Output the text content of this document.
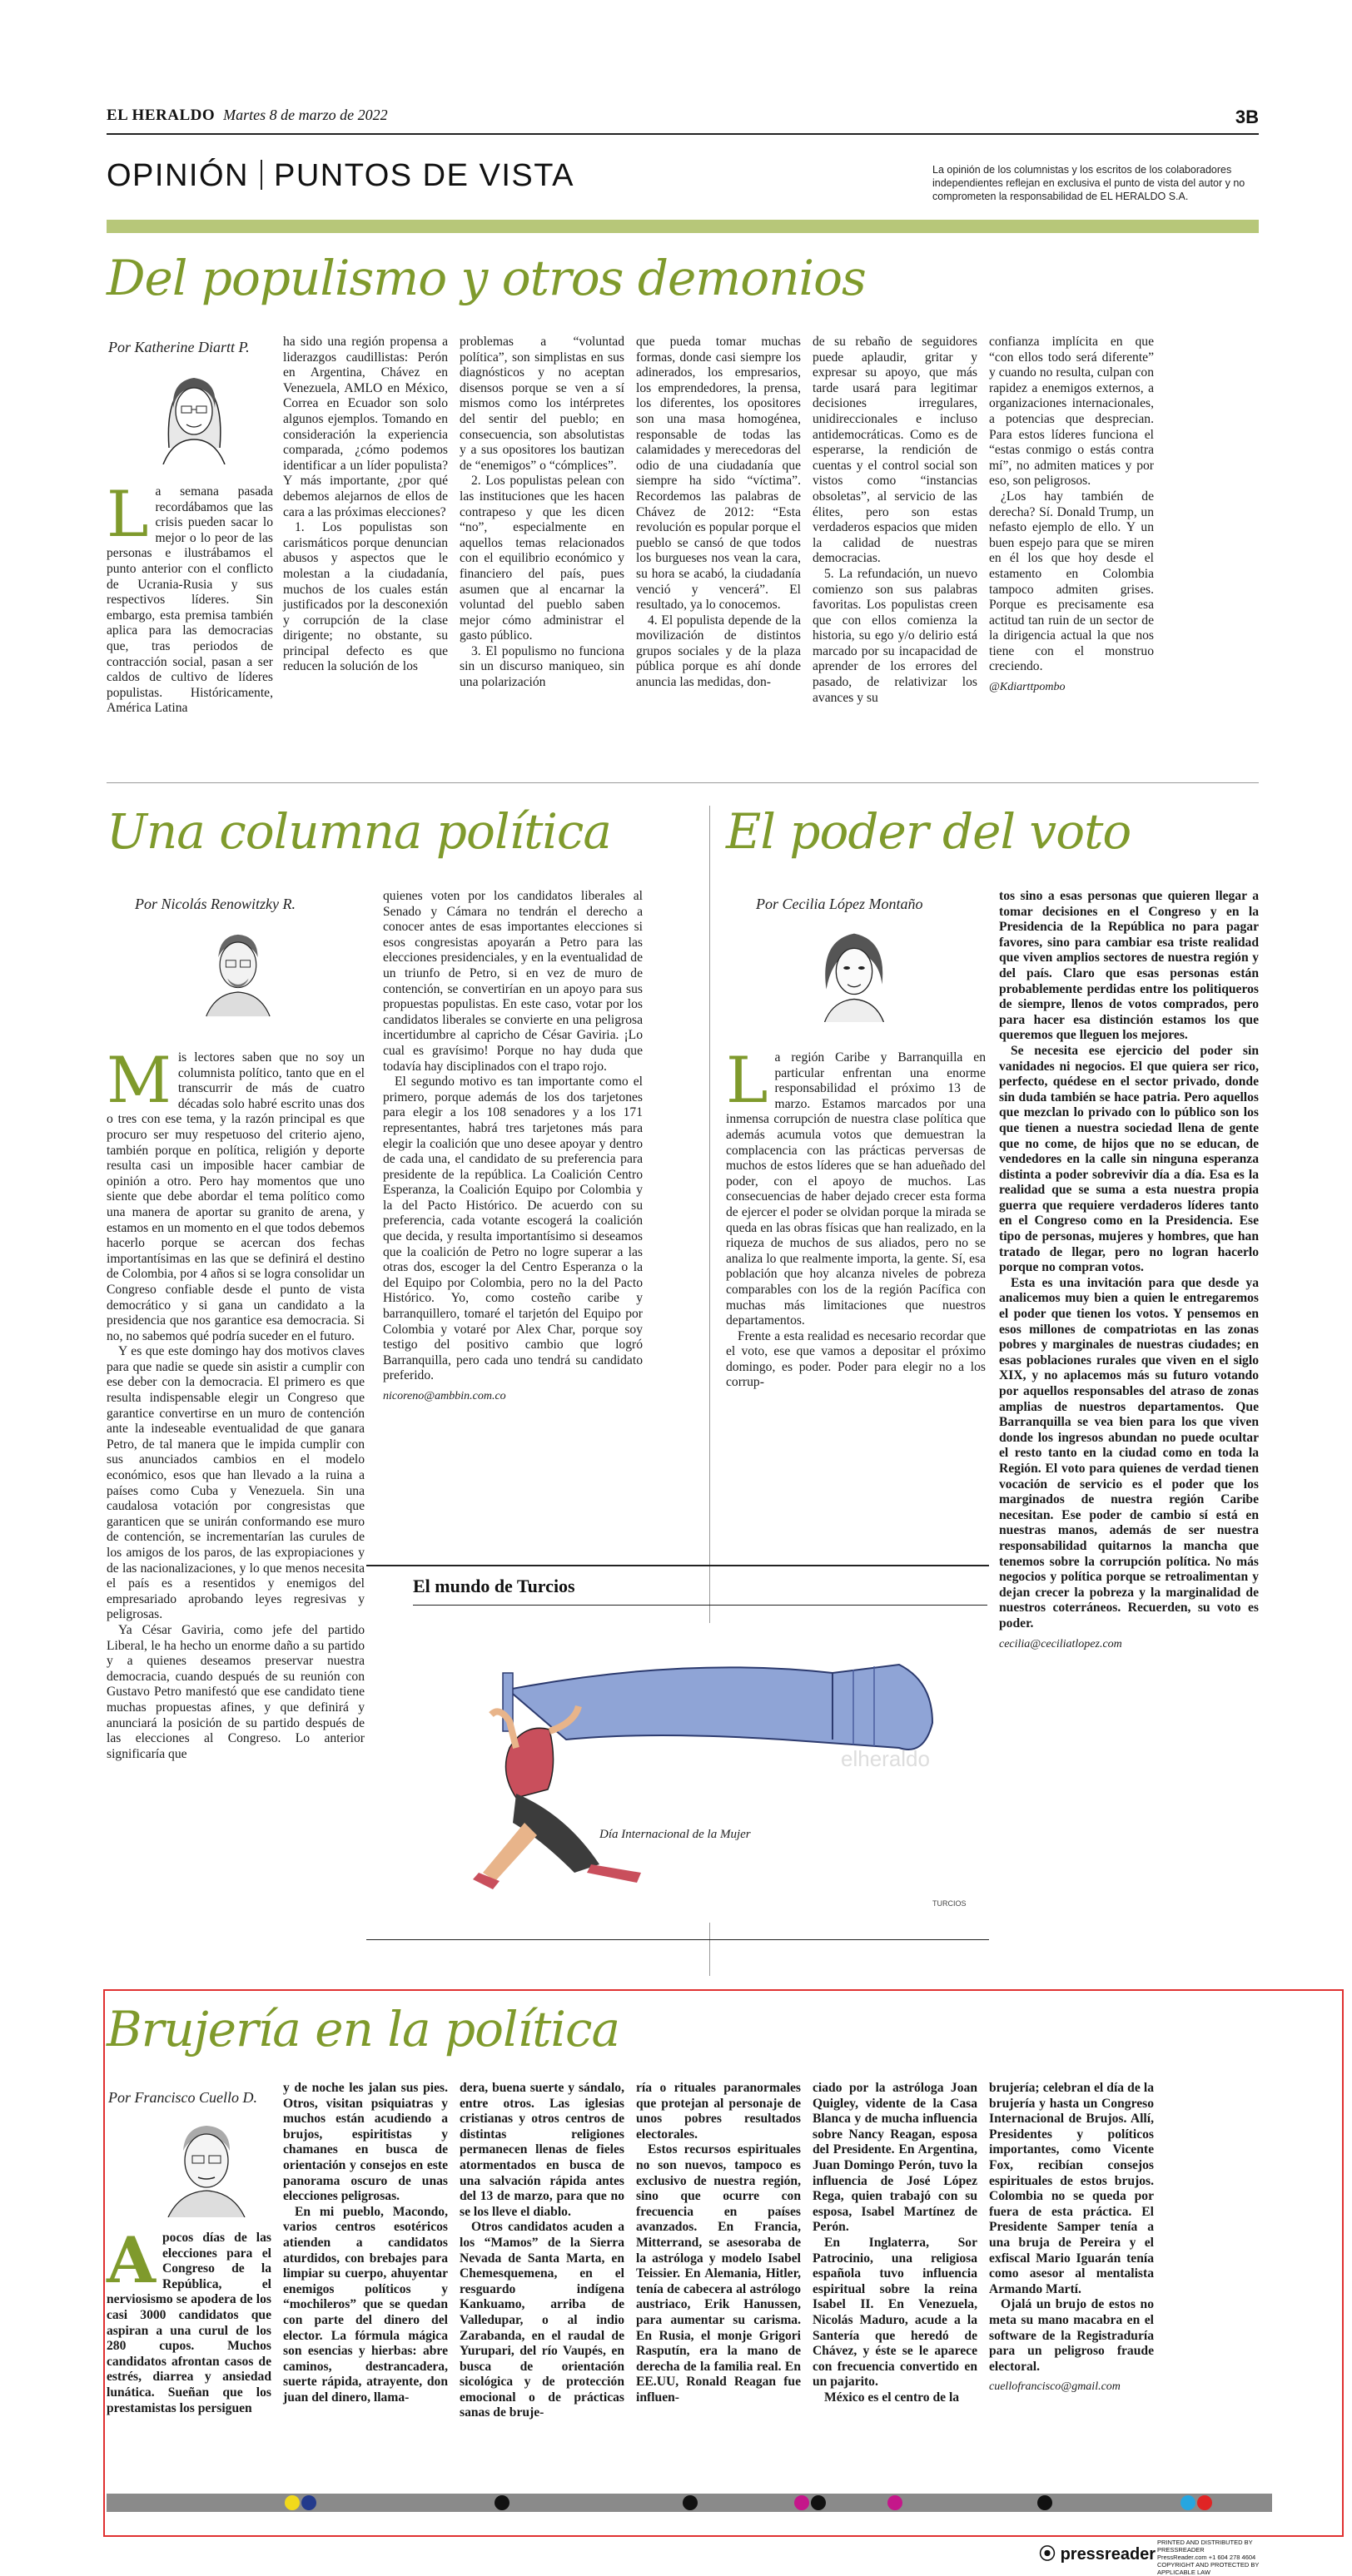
EL HERALDO Martes 8 de marzo de 2022	3B
OPINIÓN PUNTOS DE VISTA	La opinión de los columnistas y los escritos de los colaboradores independientes reflejan en exclusiva el punto de vista del autor y no comprometen la responsabilidad de EL HERALDO S.A.
Del populismo y otros demonios
Por Katherine Diartt P.
L a semana pasada recordábamos que las crisis pueden sacar lo mejor o lo peor de las personas e ilustrábamos el punto anterior con el conflicto de Ucrania-Rusia y sus respectivos líderes. Sin embargo, esta premisa también aplica para las democracias que, tras periodos de contracción social, pasan a ser caldos de cultivo de líderes populistas. Históricamente, América Latina

ha sido una región propensa a liderazgos caudillistas: Perón en Argentina, Chávez en Venezuela, AMLO en México, Correa en Ecuador son solo algunos ejemplos. Tomando en consideración la experiencia comparada, ¿cómo podemos identificar a un líder populista? Y más importante, ¿por qué debemos alejarnos de ellos de cara a las próximas elecciones?

1. Los populistas son carismáticos porque denuncian abusos y aspectos que le molestan a la ciudadanía, muchos de los cuales están justificados por la desconexión y corrupción de la clase dirigente; no obstante, su principal defecto es que reducen la solución de los

problemas a “voluntad política”, son simplistas en sus diagnósticos y no aceptan disensos porque se ven a sí mismos como los intérpretes del sentir del pueblo; en consecuencia, son absolutistas y a sus opositores los bautizan de “enemigos” o “cómplices”.

2. Los populistas pelean con las instituciones que les hacen contrapeso y que les dicen “no”, especialmente en aquellos temas relacionados con el equilibrio económico y financiero del país, pues asumen que al encarnar la voluntad del pueblo saben mejor cómo administrar el gasto público.

3. El populismo no funciona sin un discurso maniqueo, sin una polarización

que pueda tomar muchas formas, donde casi siempre los adinerados, los empresarios, los emprendedores, la prensa, los diferentes, los opositores son una masa homogénea, responsable de todas las calamidades y merecedoras del odio de una ciudadanía que siempre ha sido “víctima”. Recordemos las palabras de Chávez de 2012: “Esta revolución es popular porque el pueblo se cansó de que todos los burgueses nos vean la cara, su hora se acabó, la ciudadanía venció y vencerá”. El resultado, ya lo conocemos.

4. El populista depende de la movilización de distintos grupos sociales y de la plaza pública porque es ahí donde anuncia las medidas, don-

de su rebaño de seguidores puede aplaudir, gritar y expresar su apoyo, que más tarde usará para legitimar decisiones irregulares, unidireccionales e incluso antidemocráticas. Como es de esperarse, la rendición de cuentas y el control social son vistos como “instancias obsoletas”, al servicio de las élites, pero son estas verdaderos espacios que miden la calidad de nuestras democracias.

5. La refundación, un nuevo comienzo son sus palabras favoritas. Los populistas creen que con ellos comienza la historia, su ego y/o delirio está marcado por su incapacidad de aprender de los errores del pasado, de relativizar los avances y su

confianza implícita en que “con ellos todo será diferente” y cuando no resulta, culpan con rapidez a enemigos externos, a organizaciones internacionales, a potencias que desprecian. Para estos líderes funciona el “estas conmigo o estás contra mí”, no admiten matices y por eso, son peligrosos.

¿Los hay también de derecha? Sí. Donald Trump, un nefasto ejemplo de ello. Y un buen espejo para que se miren en él los que hoy desde el estamento en Colombia tampoco admiten grises. Porque es precisamente esa actitud tan ruin de un sector de la dirigencia actual la que nos tiene con el monstruo creciendo.

@Kdiarttpombo
Una columna política
Por Nicolás Renowitzky R.
M is lectores saben que no soy un columnista político, tanto que en el transcurrir de más de cuatro décadas solo habré escrito unas dos o tres con ese tema, y la razón principal es que procuro ser muy respetuoso del criterio ajeno, también porque en política, religión y deporte resulta casi un imposible hacer cambiar de opinión a otro. Pero hay momentos que uno siente que debe abordar el tema político como una manera de aportar su granito de arena, y estamos en un momento en el que todos debemos hacerlo porque se acercan dos fechas importantísimas en las que se definirá el destino de Colombia, por 4 años si se logra consolidar un Congreso confiable desde el punto de vista democrático y si gana un candidato a la presidencia que nos garantice esa democracia. Si no, no sabemos qué podría suceder en el futuro.

Y es que este domingo hay dos motivos claves para que nadie se quede sin asistir a cumplir con ese deber con la democracia. El primero es que resulta indispensable elegir un Congreso que garantice convertirse en un muro de contención ante la indeseable eventualidad de que ganara Petro, de tal manera que le impida cumplir con sus anunciados cambios en el modelo económico, esos que han llevado a la ruina a países como Cuba y Venezuela. Sin una caudalosa votación por congresistas que garanticen que se unirán conformando ese muro de contención, se incrementarían las curules de los amigos de los paros, de las expropiaciones y de las nacionalizaciones, y lo que menos necesita el país es a resentidos y enemigos del empresariado aprobando leyes regresivas y peligrosas.

Ya César Gaviria, como jefe del partido Liberal, le ha hecho un enorme daño a su partido y a quienes deseamos preservar nuestra democracia, cuando después de su reunión con Gustavo Petro manifestó que ese candidato tiene muchas propuestas afines, y que definirá y anunciará la posición de su partido después de las elecciones al Congreso. Lo anterior significaría que

quienes voten por los candidatos liberales al Senado y Cámara no tendrán el derecho a conocer antes de esas importantes elecciones si esos congresistas apoyarán a Petro para las elecciones presidenciales, y en la eventualidad de un triunfo de Petro, si en vez de muro de contención, se convertirían en un apoyo para sus propuestas populistas. En este caso, votar por los candidatos liberales se convierte en una peligrosa incertidumbre al capricho de César Gaviria. ¡Lo cual es gravísimo! Porque no hay duda que todavía hay disciplinados con el trapo rojo.

El segundo motivo es tan importante como el primero, porque además de los dos tarjetones para elegir a los 108 senadores y a los 171 representantes, habrá tres tarjetones más para elegir la coalición que uno desee apoyar y dentro de cada una, el candidato de su preferencia para presidente de la república. La Coalición Centro Esperanza, la Coalición Equipo por Colombia y la del Pacto Histórico. De acuerdo con su preferencia, cada votante escogerá la coalición que decida, y resulta importantísimo si deseamos que la coalición de Petro no logre superar a las otras dos, escoger la del Centro Esperanza o la del Equipo por Colombia, pero no la del Pacto Histórico. Yo, como costeño caribe y barranquillero, tomaré el tarjetón del Equipo por Colombia y votaré por Alex Char, porque soy testigo del positivo cambio que logró Barranquilla, pero cada uno tendrá su candidato preferido.

nicoreno@ambbin.com.co
El poder del voto
Por Cecilia López Montaño
L a región Caribe y Barranquilla en particular enfrentan una enorme responsabilidad el próximo 13 de marzo. Estamos marcados por una inmensa corrupción de nuestra clase política que además acumula votos que demuestran la complacencia con las prácticas perversas de muchos de estos líderes que se han adueñado del poder, con el apoyo de muchos. Las consecuencias de haber dejado crecer esta forma de ejercer el poder se olvidan porque la mirada se queda en las obras físicas que han realizado, en la riqueza de muchos de sus aliados, pero no se analiza lo que realmente importa, la gente. Sí, esa población que hoy alcanza niveles de pobreza comparables con los de la región Pacífica con muchas más limitaciones que nuestros departamentos.

Frente a esta realidad es necesario recordar que el voto, ese que vamos a depositar el próximo domingo, es poder. Poder para elegir no a los corrup-

tos sino a esas personas que quieren llegar a tomar decisiones en el Congreso y en la Presidencia de la República no para pagar favores, sino para cambiar esa triste realidad que viven amplios sectores de nuestra región y del país. Claro que esas personas están probablemente perdidas entre los politiqueros de siempre, llenos de votos comprados, pero para hacer esa distinción estamos los que queremos que lleguen los mejores.

Se necesita ese ejercicio del poder sin vanidades ni negocios. El que quiera ser rico, perfecto, quédese en el sector privado, donde sin duda también se hace patria. Pero aquellos que mezclan lo privado con lo público son los que tienen a nuestra sociedad llena de gente que no come, de hijos que no se educan, de vendedores en la calle sin ninguna esperanza distinta a poder sobrevivir día a día. Esa es la realidad que se suma a esta nuestra propia guerra que requiere verdaderos líderes tanto en el Congreso como en la Presidencia. Ese tipo de personas, mujeres y hombres, que han tratado de llegar, pero no logran hacerlo porque no compran votos.

Esta es una invitación para que desde ya analicemos muy bien a quien le entregaremos el poder que tienen los votos. Y pensemos en esos millones de compatriotas en las zonas pobres y marginales de nuestras ciudades; en esas poblaciones rurales que viven en el siglo XIX, y no aplacemos más su futuro votando por aquellos responsables del atraso de zonas amplias de nuestros departamentos. Que Barranquilla se vea bien para los que viven donde los ingresos abundan no puede ocultar el resto tanto en la ciudad como en toda la Región. El voto para quienes de verdad tienen vocación de servicio es el poder que los marginados de nuestra región Caribe necesitan. Ese poder de cambio sí está en nuestras manos, además de ser nuestra responsabilidad quitarnos la mancha que tenemos sobre la corrupción política. No más negocios y política porque se retroalimentan y dejan crecer la pobreza y la marginalidad de nuestros coterráneos. Recuerden, su voto es poder.

cecilia@ceciliatlopez.com
El mundo de Turcios
Día Internacional de la Mujer
elheraldo
TURCIOS
Brujería en la política
Por Francisco Cuello D.
A pocos días de las elecciones para el Congreso de la República, el nerviosismo se apodera de los casi 3000 candidatos que aspiran a una curul de los 280 cupos. Muchos candidatos afrontan casos de estrés, diarrea y ansiedad lunática. Sueñan que los prestamistas los persiguen

y de noche les jalan sus pies. Otros, visitan psiquiatras y muchos están acudiendo a brujos, espiritistas y chamanes en busca de orientación y consejos en este panorama oscuro de unas elecciones peligrosas.

En mi pueblo, Macondo, varios centros esotéricos atienden a candidatos aturdidos, con brebajes para limpiar su cuerpo, ahuyentar enemigos políticos y “mochileros” que se quedan con parte del dinero del elector. La fórmula mágica son esencias y hierbas: abre caminos, destrancadera, suerte rápida, atrayente, don juan del dinero, llama-

dera, buena suerte y sándalo, entre otros. Las iglesias cristianas y otros centros de distintas religiones permanecen llenas de fieles atormentados en busca de una salvación rápida antes del 13 de marzo, para que no se los lleve el diablo.

Otros candidatos acuden a los “Mamos” de la Sierra Nevada de Santa Marta, en Chemesquemena, en el resguardo indígena Kankuamo, arriba de Valledupar, o al indio Zarabanda, en el raudal de Yurupari, del río Vaupés, en busca de orientación sicológica y de protección emocional o de prácticas sanas de bruje-

ría o rituales paranormales que protejan al personaje de unos pobres resultados electorales.

Estos recursos espirituales no son nuevos, tampoco es exclusivo de nuestra región, sino que ocurre con frecuencia en países avanzados. En Francia, Mitterrand, se asesoraba de la astróloga y modelo Isabel Teissier. En Alemania, Hitler, tenía de cabecera al astrólogo austriaco, Erik Hanussen, para aumentar su carisma. En Rusia, el monje Grigori Rasputín, era la mano de derecha de la familia real. En EE.UU, Ronald Reagan fue influen-

ciado por la astróloga Joan Quigley, vidente de la Casa Blanca y de mucha influencia sobre Nancy Reagan, esposa del Presidente. En Argentina, Juan Domingo Perón, tuvo la influencia de José López Rega, quien trabajó con su esposa, Isabel Martínez de Perón.

En Inglaterra, Sor Patrocinio, una religiosa española tuvo influencia espiritual sobre la reina Isabel II. En Venezuela, Nicolás Maduro, acude a la Santería que heredó de Chávez, y éste se le aparece con frecuencia convertido en un pajarito.

México es el centro de la

brujería; celebran el día de la brujería y hasta un Congreso Internacional de Brujos. Allí, Presidentes y políticos importantes, como Vicente Fox, recibían consejos espirituales de estos brujos. Colombia no se queda por fuera de esta práctica. El Presidente Samper tenía a una bruja de Pereira y el exfiscal Mario Iguarán tenía como asesor al mentalista Armando Martí.

Ojalá un brujo de estos no meta su mano macabra en el software de la Registraduría para un peligroso fraude electoral.

cuellofrancisco@gmail.com
⦿ pressreader
PRINTED AND DISTRIBUTED BY PRESSREADER
PressReader.com +1 604 278 4604
COPYRIGHT AND PROTECTED BY APPLICABLE LAW
